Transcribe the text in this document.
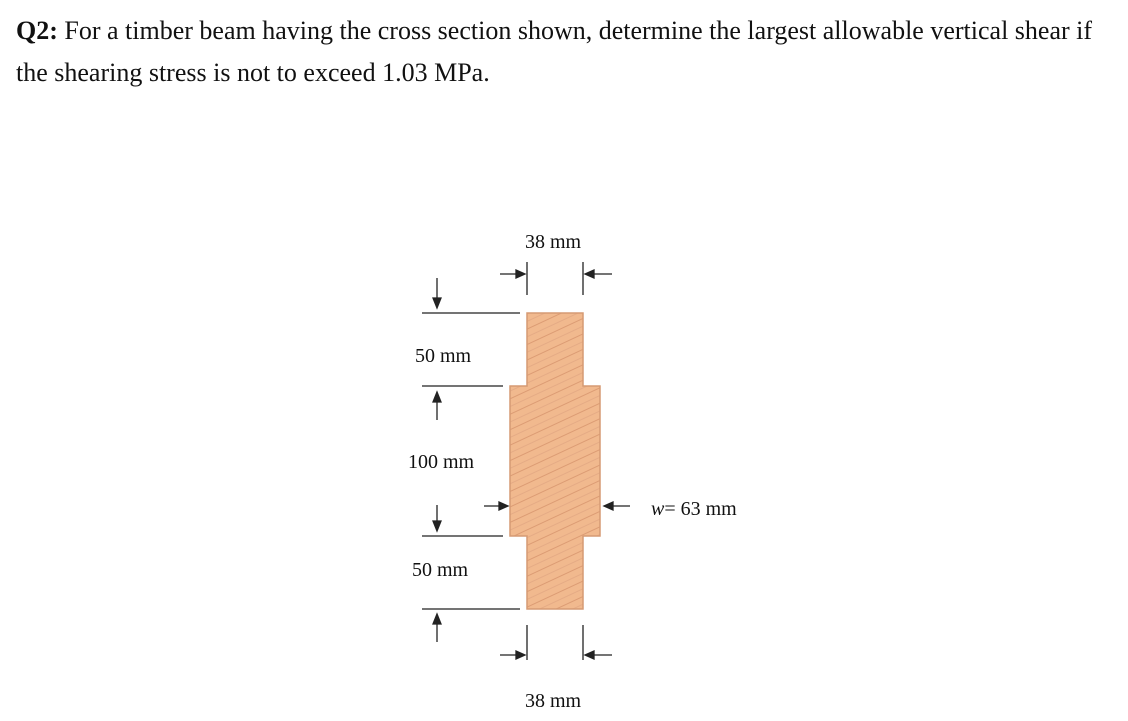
Q2: For a timber beam having the cross section shown, determine the largest allowable vertical shear if the shearing stress is not to exceed 1.03 MPa.

38 mm
38 mm
50 mm
100 mm
50 mm
w= 63 mm
